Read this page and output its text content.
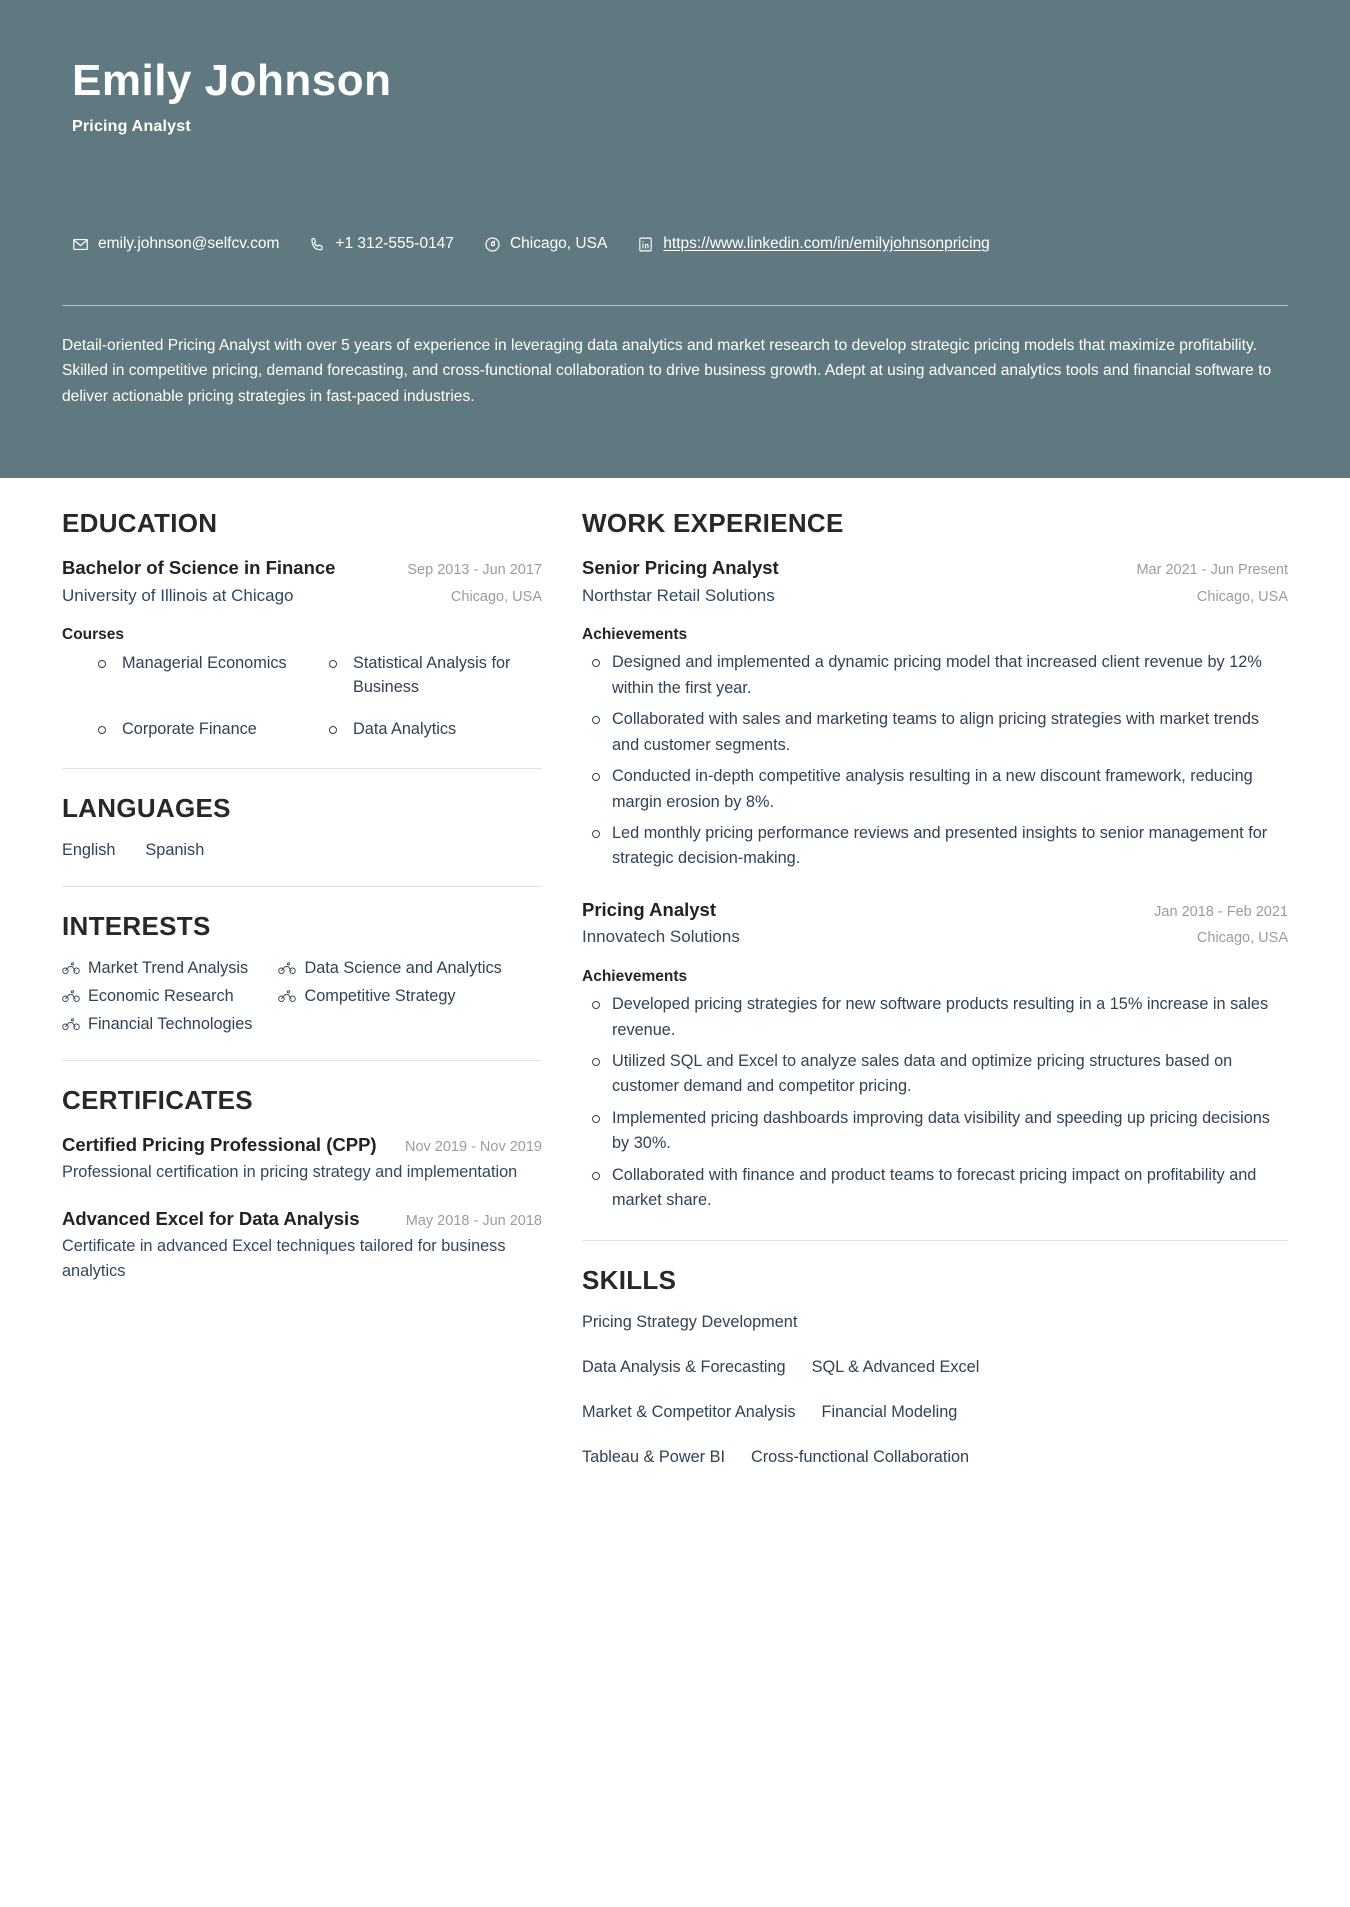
Emily Johnson
Pricing Analyst
emily.johnson@selfcv.com	+1 312-555-0147	Chicago, USA	https://www.linkedin.com/in/emilyjohnsonpricing
Detail-oriented Pricing Analyst with over 5 years of experience in leveraging data analytics and market research to develop strategic pricing models that maximize profitability. Skilled in competitive pricing, demand forecasting, and cross-functional collaboration to drive business growth. Adept at using advanced analytics tools and financial software to deliver actionable pricing strategies in fast-paced industries.
EDUCATION
Bachelor of Science in Finance	Sep 2013 - Jun 2017
University of Illinois at Chicago	Chicago, USA
Courses
Managerial Economics	Statistical Analysis for Business
Corporate Finance	Data Analytics
LANGUAGES
English Spanish
INTERESTS
Market Trend Analysis	Data Science and Analytics
Economic Research	Competitive Strategy
Financial Technologies
CERTIFICATES
Certified Pricing Professional (CPP) Nov 2019 - Nov 2019
Professional certification in pricing strategy and implementation
Advanced Excel for Data Analysis	May 2018 - Jun 2018
Certificate in advanced Excel techniques tailored for business analytics
WORK EXPERIENCE
Senior Pricing Analyst	Mar 2021 - Jun Present
Northstar Retail Solutions	Chicago, USA
Achievements
Designed and implemented a dynamic pricing model that increased client revenue by 12% within the first year.
Collaborated with sales and marketing teams to align pricing strategies with market trends and customer segments.
Conducted in-depth competitive analysis resulting in a new discount framework, reducing margin erosion by 8%.
Led monthly pricing performance reviews and presented insights to senior management for strategic decision-making.
Pricing Analyst	Jan 2018 - Feb 2021
Innovatech Solutions	Chicago, USA
Achievements
Developed pricing strategies for new software products resulting in a 15% increase in sales revenue.
Utilized SQL and Excel to analyze sales data and optimize pricing structures based on customer demand and competitor pricing.
Implemented pricing dashboards improving data visibility and speeding up pricing decisions by 30%.
Collaborated with finance and product teams to forecast pricing impact on profitability and market share.
SKILLS
Pricing Strategy Development
Data Analysis & Forecasting SQL & Advanced Excel
Market & Competitor Analysis Financial Modeling
Tableau & Power BI Cross-functional Collaboration
